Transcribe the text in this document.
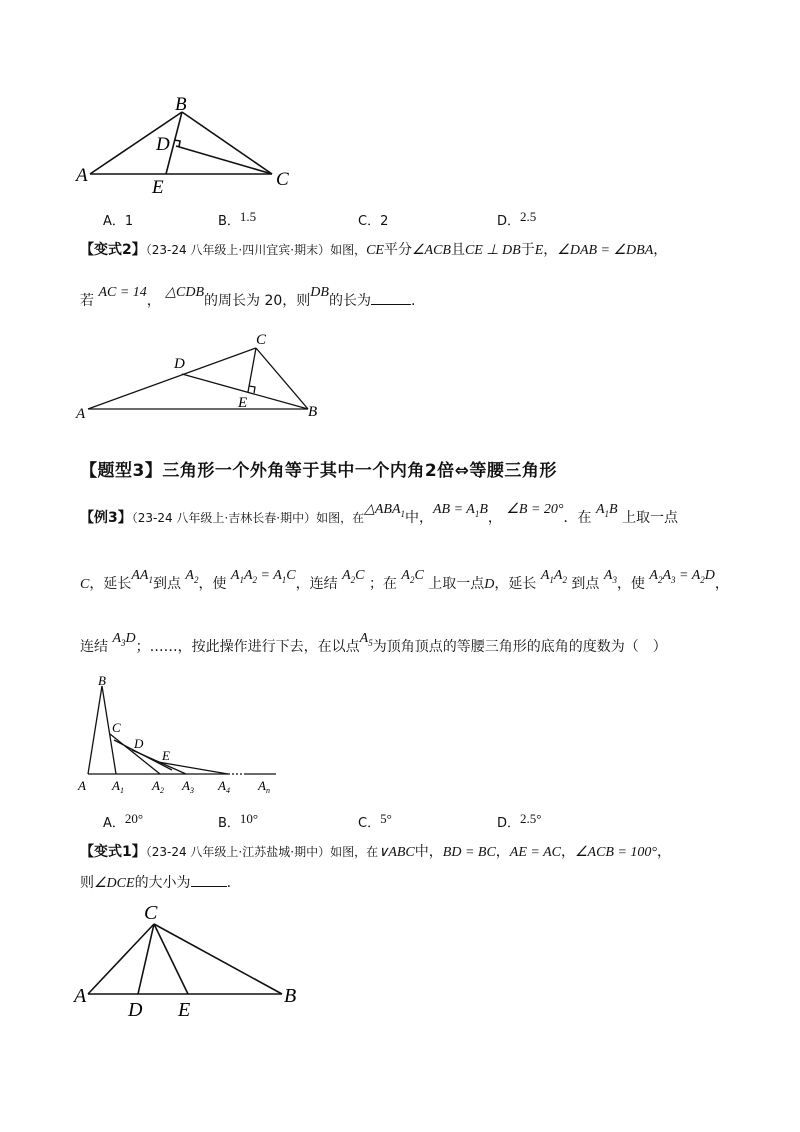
B
D
A
E	C
A．1	B．1.5	C．2	D．2.5
【变式2】（23-24 八年级上·四川宜宾·期末）如图，CE平分∠ACB且CE ⊥ DB于E，∠DAB = ∠DBA，
若 AC = 14， △CDB的周长为 20，则DB的长为	.
C
D
E
A	B
【题型3】三角形一个外角等于其中一个内角2倍⇔等腰三角形
【例3】（23-24 八年级上·吉林长春·期中）如图，在$\triangle ABA_1$中，AB = $A_1B$， ∠B = 20°．在 $A_1B$ 上取一点
C，延长$AA_1$到点 $A_2$，使 $A_1A_2 = A_1C$，连结 $A_2C$ ；在 $A_2C$ 上取一点D，延长 $A_1A_2$ 到点 $A_3$，使 $A_2A_3 = A_2D$，
连结 $A_3D$；……，按此操作进行下去，在以点$A_5$为顶角顶点的等腰三角形的底角的度数为（　）
B
C
D
E
A $A_1$ $A_2$ $A_3$ $A_4$ $A_n$
A．20°	B．10°	C．5°	D．2.5°
【变式1】（23-24 八年级上·江苏盐城·期中）如图，在∨ABC中，BD = BC，AE = AC，∠ACB = 100°，
则∠DCE的大小为	.
C
A
D E
B
